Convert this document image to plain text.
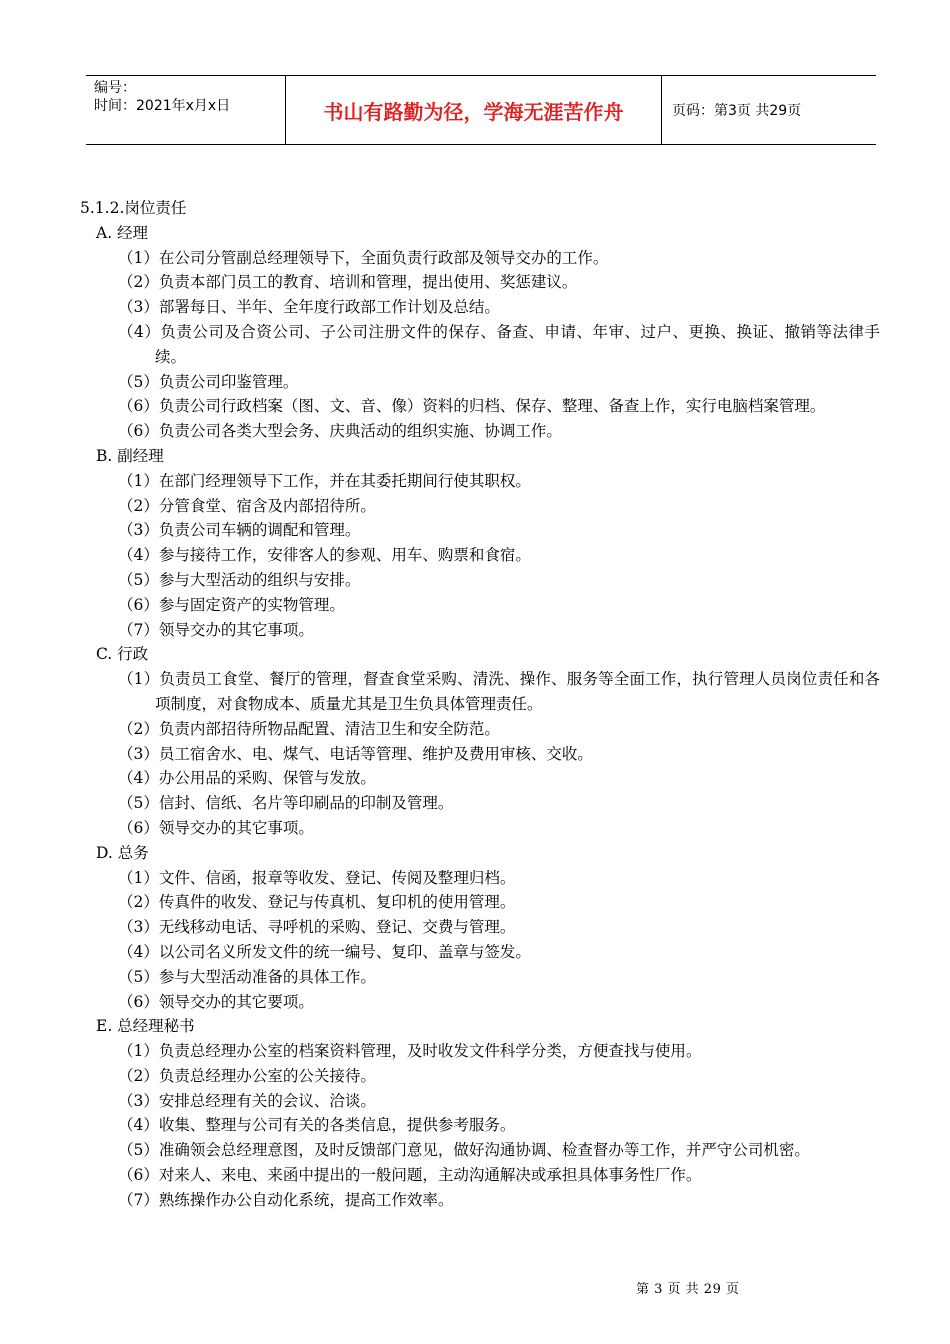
编号：
时间：2021年x月x日	书山有路勤为径，学海无涯苦作舟	页码：第3页 共29页
5.1.2.岗位责任
A. 经理
（1）在公司分管副总经理领导下，全面负责行政部及领导交办的工作。
（2）负责本部门员工的教育、培训和管理，提出使用、奖惩建议。
（3）部署每日、半年、全年度行政部工作计划及总结。
（4）负责公司及合资公司、子公司注册文件的保存、备查、申请、年审、过户、更换、换证、撤销等法律手续。
（5）负责公司印鉴管理。
（6）负责公司行政档案（图、文、音、像）资料的归档、保存、整理、备查上作，实行电脑档案管理。
（6）负责公司各类大型会务、庆典活动的组织实施、协调工作。
B. 副经理
（1）在部门经理领导下工作，并在其委托期间行使其职权。
（2）分管食堂、宿含及内部招待所。
（3）负责公司车辆的调配和管理。
（4）参与接待工作，安徘客人的参观、用车、购票和食宿。
（5）参与大型活动的组织与安排。
（6）参与固定资产的实物管理。
（7）领导交办的其它事项。
C. 行政
（1）负责员工食堂、餐厅的管理，督查食堂采购、清洗、操作、服务等全面工作，执行管理人员岗位责任和各项制度，对食物成本、质量尤其是卫生负具体管理责任。
（2）负责内部招待所物品配置、清洁卫生和安全防范。
（3）员工宿舍水、电、煤气、电话等管理、维护及费用审核、交收。
（4）办公用品的采购、保管与发放。
（5）信封、信纸、名片等印刷品的印制及管理。
（6）领导交办的其它事项。
D. 总务
（1）文件、信函，报章等收发、登记、传阅及整理归档。
（2）传真件的收发、登记与传真机、复印机的使用管理。
（3）无线移动电话、寻呼机的采购、登记、交费与管理。
（4）以公司名义所发文件的统一编号、复印、盖章与签发。
（5）参与大型活动准备的具体工作。
（6）领导交办的其它要项。
E. 总经理秘书
（1）负责总经理办公室的档案资料管理，及时收发文件科学分类，方便查找与使用。
（2）负责总经理办公室的公关接待。
（3）安排总经理有关的会议、洽谈。
（4）收集、整理与公司有关的各类信息，提供参考服务。
（5）准确领会总经理意图，及时反馈部门意见，做好沟通协调、检查督办等工作，并严守公司机密。
（6）对来人、来电、来函中提出的一般问题，主动沟通解决或承担具体事务性厂作。
（7）熟练操作办公自动化系统，提高工作效率。
第 3 页 共 29 页
